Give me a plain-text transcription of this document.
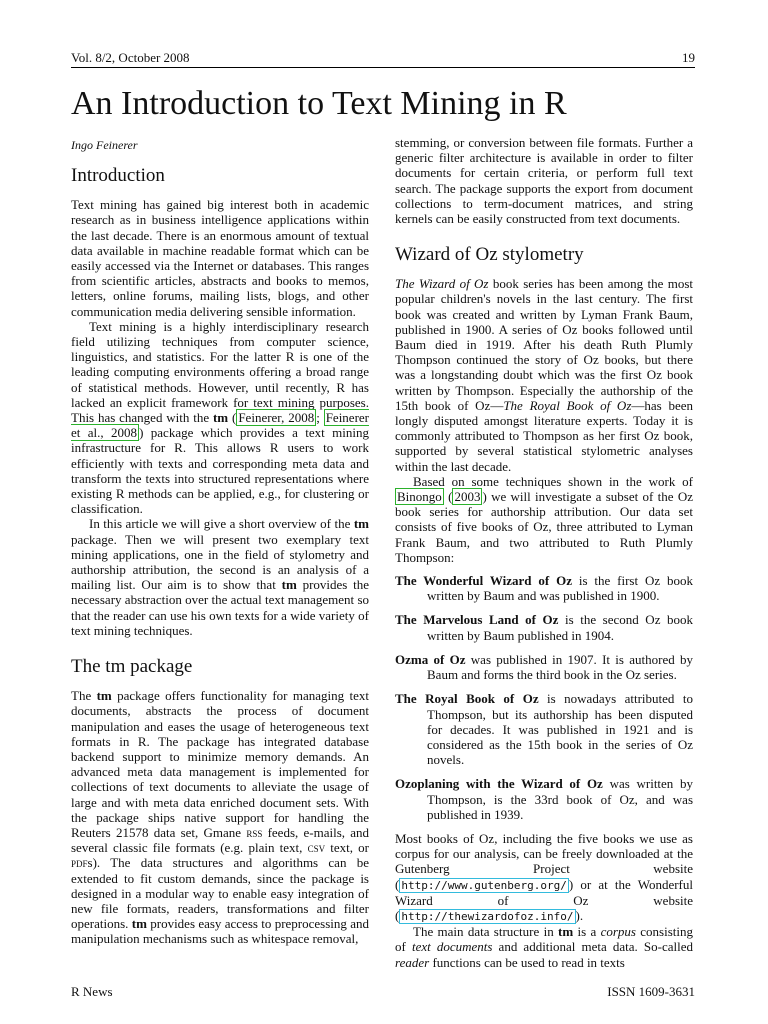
Vol. 8/2, October 2008	19
An Introduction to Text Mining in R
Ingo Feinerer
Introduction

Text mining has gained big interest both in academic research as in business intelligence applications within the last decade. There is an enormous amount of textual data available in machine readable format which can be easily accessed via the Internet or databases. This ranges from scientific articles, abstracts and books to memos, letters, online forums, mailing lists, blogs, and other communication media delivering sensible information.

Text mining is a highly interdisciplinary research field utilizing techniques from computer science, linguistics, and statistics. For the latter R is one of the leading computing environments offering a broad range of statistical methods. However, until recently, R has lacked an explicit framework for text mining purposes. This has changed with the tm ( Feinerer, 2008 ; Feinerer et al., 2008 ) package which provides a text mining infrastructure for R. This allows R users to work efficiently with texts and corresponding meta data and transform the texts into structured representations where existing R methods can be applied, e.g., for clustering or classification.

In this article we will give a short overview of the tm package. Then we will present two exemplary text mining applications, one in the field of stylometry and authorship attribution, the second is an analysis of a mailing list. Our aim is to show that tm provides the necessary abstraction over the actual text management so that the reader can use his own texts for a wide variety of text mining techniques.

The tm package

The tm package offers functionality for managing text documents, abstracts the process of document manipulation and eases the usage of heterogeneous text formats in R. The package has integrated database backend support to minimize memory demands. An advanced meta data management is implemented for collections of text documents to alleviate the usage of large and with meta data enriched document sets. With the package ships native support for handling the Reuters 21578 data set, Gmane rss feeds, e-mails, and several classic file formats (e.g. plain text, csv text, or pdfs). The data structures and algorithms can be extended to fit custom demands, since the package is designed in a modular way to enable easy integration of new file formats, readers, transformations and filter operations. tm provides easy access to preprocessing and manipulation mechanisms such as whitespace removal,

stemming, or conversion between file formats. Further a generic filter architecture is available in order to filter documents for certain criteria, or perform full text search. The package supports the export from document collections to term-document matrices, and string kernels can be easily constructed from text documents.

Wizard of Oz stylometry

The Wizard of Oz book series has been among the most popular children's novels in the last century. The first book was created and written by Lyman Frank Baum, published in 1900. A series of Oz books followed until Baum died in 1919. After his death Ruth Plumly Thompson continued the story of Oz books, but there was a longstanding doubt which was the first Oz book written by Thompson. Especially the authorship of the 15th book of Oz—The Royal Book of Oz—has been longly disputed amongst literature experts. Today it is commonly attributed to Thompson as her first Oz book, supported by several statistical stylometric analyses within the last decade.

Based on some techniques shown in the work of Binongo ( 2003 ) we will investigate a subset of the Oz book series for authorship attribution. Our data set consists of five books of Oz, three attributed to Lyman Frank Baum, and two attributed to Ruth Plumly Thompson:

The Wonderful Wizard of Oz is the first Oz book written by Baum and was published in 1900.

The Marvelous Land of Oz is the second Oz book written by Baum published in 1904.

Ozma of Oz was published in 1907. It is authored by Baum and forms the third book in the Oz series.

The Royal Book of Oz is nowadays attributed to Thompson, but its authorship has been disputed for decades. It was published in 1921 and is considered as the 15th book in the series of Oz novels.

Ozoplaning with the Wizard of Oz was written by Thompson, is the 33rd book of Oz, and was published in 1939.

Most books of Oz, including the five books we use as corpus for our analysis, can be freely downloaded at the Gutenberg Project website ( http://www.gutenberg.org/ ) or at the Wonderful Wizard of Oz website ( http://thewizardofoz.info/ ).

The main data structure in tm is a corpus consisting of text documents and additional meta data. So-called reader functions can be used to read in texts

R News	ISSN 1609-3631
